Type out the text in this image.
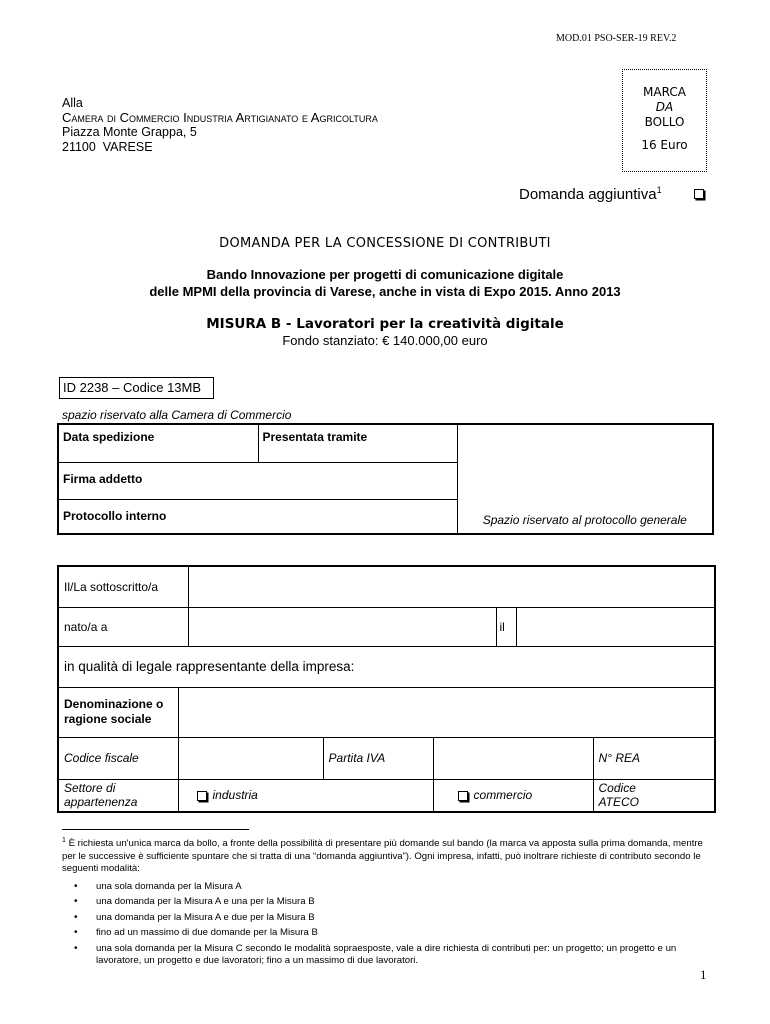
MOD.01 PSO-SER-19 REV.2
Alla
Camera di Commercio Industria Artigianato e Agricoltura
Piazza Monte Grappa, 5
21100  VARESE
MARCA
DA
BOLLO
16 Euro
Domanda aggiuntiva$^1$
DOMANDA PER LA CONCESSIONE DI CONTRIBUTI
Bando Innovazione per progetti di comunicazione digitale
delle MPMI della provincia di Varese, anche in vista di Expo 2015. Anno 2013
MISURA B - Lavoratori per la creatività digitale
Fondo stanziato: € 140.000,00 euro
ID 2238 – Codice 13MB
spazio riservato alla Camera di Commercio
Data spedizione	Presentata tramite	Spazio riservato al protocollo generale
Firma addetto
Protocollo interno
Il/La sottoscritto/a							
nato/a a					il		
in qualità di legale rappresentante della impresa:							
Denominazione o ragione sociale							
Codice fiscale			Partita IVA				N° REA
Settore di appartenenza	industria			commercio			Codice ATECO
$^1$ È richiesta un'unica marca da bollo, a fronte della possibilità di presentare più domande sul bando (la marca va apposta sulla prima domanda, mentre per le successive è sufficiente spuntare che si tratta di una “domanda aggiuntiva”). Ogni impresa, infatti, può inoltrare richieste di contributo secondo le seguenti modalità:
• una sola domanda per la Misura A
• una domanda per la Misura A e una per la Misura B
• una domanda per la Misura A e due per la Misura B
• fino ad un massimo di due domande per la Misura B
• una sola domanda per la Misura C secondo le modalità sopraesposte, vale a dire richiesta di contributi per: un progetto; un progetto e un lavoratore, un progetto e due lavoratori; fino a un massimo di due lavoratori.
1
